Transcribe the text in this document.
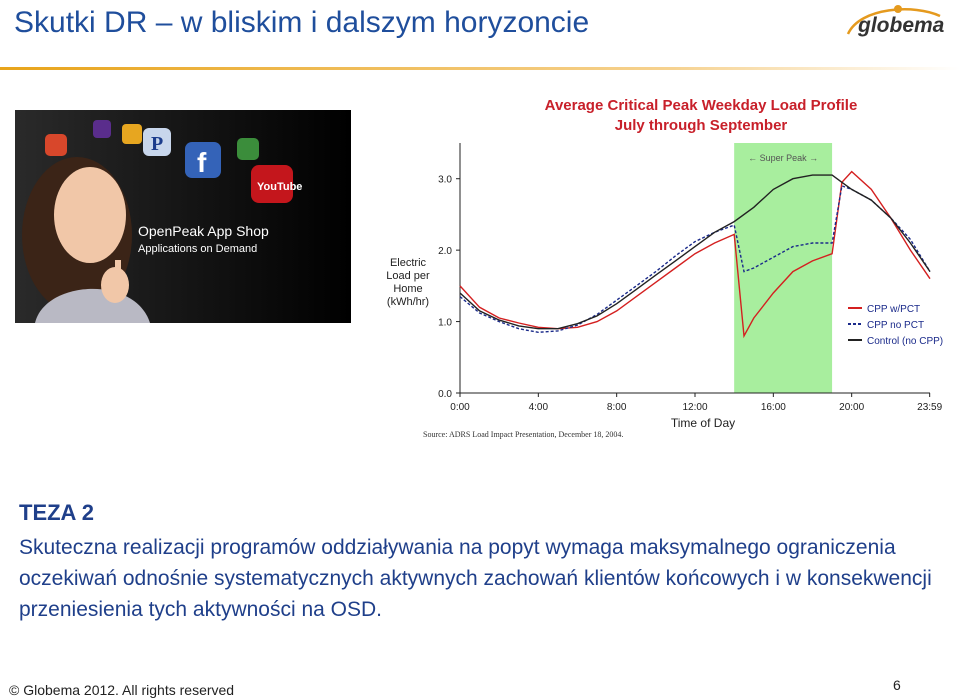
Skutki DR – w bliskim i dalszym horyzoncie	globema
P
f
YouTube
OpenPeak App Shop
Applications on Demand
← Super Peak →
0.0
1.0
2.0
3.0
0:00	4:00	8:00	12:00	16:00	20:00	23:59
Average Critical Peak Weekday Load Profile
July through September
Electric
Load per
Home
(kWh/hr)
Time of Day
Source: ADRS Load Impact Presentation, December 18, 2004.
CPP w/PCT
CPP no PCT
Control (no CPP)

TEZA 2

Skuteczna realizacji programów oddziaływania na popyt wymaga maksymalnego ograniczenia oczekiwań odnośnie systematycznych aktywnych zachowań klientów końcowych i w konsekwencji przeniesienia tych aktywności na OSD.

© Globema 2012. All rights reserved	6
